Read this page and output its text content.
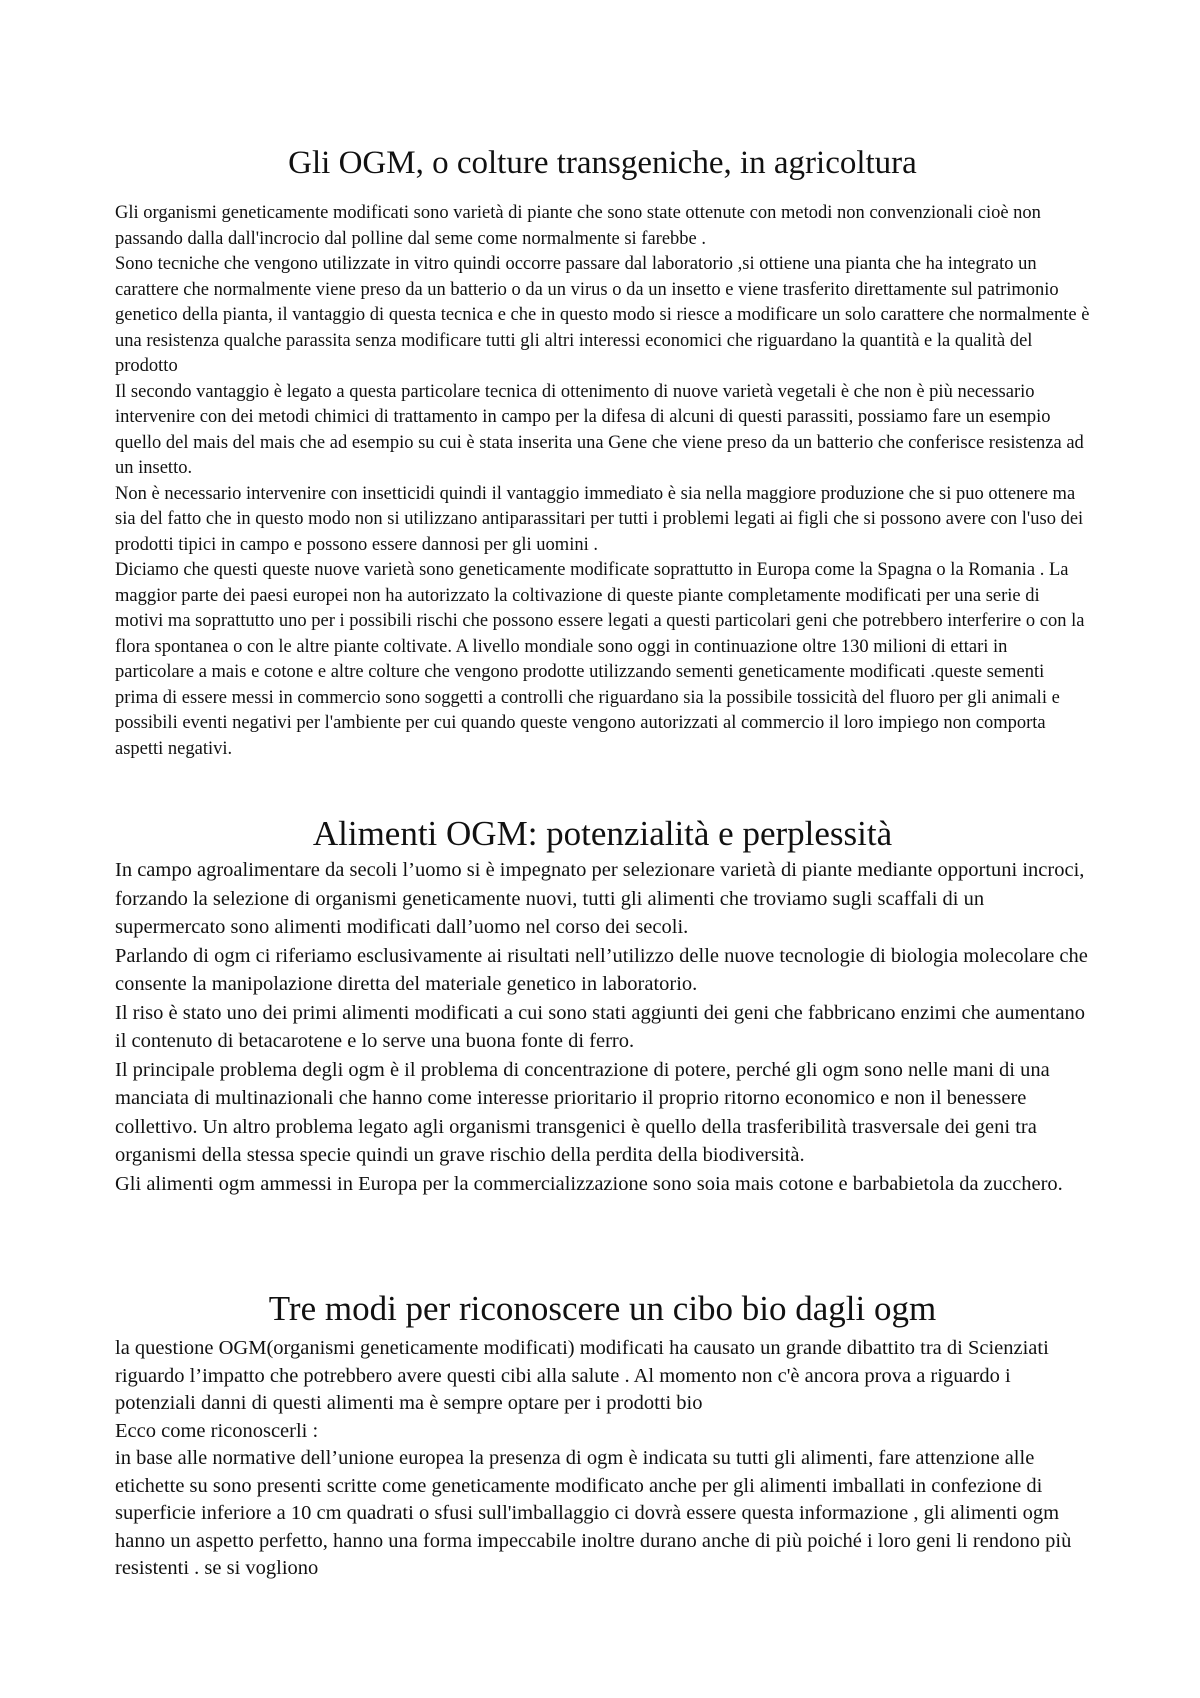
Gli OGM, o colture transgeniche, in agricoltura

Gli organismi geneticamente modificati sono varietà di piante che sono state ottenute con metodi non convenzionali cioè non passando dalla dall'incrocio dal polline dal seme come normalmente si farebbe .

Sono tecniche che vengono utilizzate in vitro quindi occorre passare dal laboratorio ,si ottiene una pianta che ha integrato un carattere che normalmente viene preso da un batterio o da un virus o da un insetto e viene trasferito direttamente sul patrimonio genetico della pianta, il vantaggio di questa tecnica e che in questo modo si riesce a modificare un solo carattere che normalmente è una resistenza qualche parassita senza modificare tutti gli altri interessi economici che riguardano la quantità e la qualità del prodotto

Il secondo vantaggio è legato a questa particolare tecnica di ottenimento di nuove varietà vegetali è che non è più necessario intervenire con dei metodi chimici di trattamento in campo per la difesa di alcuni di questi parassiti, possiamo fare un esempio quello del mais del mais che ad esempio su cui è stata inserita una Gene che viene preso da un batterio che conferisce resistenza ad un insetto.

Non è necessario intervenire con insetticidi quindi il vantaggio immediato è sia nella maggiore produzione che si puo ottenere ma sia del fatto che in questo modo non si utilizzano antiparassitari per tutti i problemi legati ai figli che si possono avere con l'uso dei prodotti tipici in campo e possono essere dannosi per gli uomini .

Diciamo che questi queste nuove varietà sono geneticamente modificate soprattutto in Europa come la Spagna o la Romania . La maggior parte dei paesi europei non ha autorizzato la coltivazione di queste piante completamente modificati per una serie di motivi ma soprattutto uno per i possibili rischi che possono essere legati a questi particolari geni che potrebbero interferire o con la flora spontanea o con le altre piante coltivate. A livello mondiale sono oggi in continuazione oltre 130 milioni di ettari in particolare a mais e cotone e altre colture che vengono prodotte utilizzando sementi geneticamente modificati .queste sementi prima di essere messi in commercio sono soggetti a controlli che riguardano sia la possibile tossicità del fluoro per gli animali e possibili eventi negativi per l'ambiente per cui quando queste vengono autorizzati al commercio il loro impiego non comporta aspetti negativi.

Alimenti OGM: potenzialità e perplessità

In campo agroalimentare da secoli l’uomo si è impegnato per selezionare varietà di piante mediante opportuni incroci, forzando la selezione di organismi geneticamente nuovi, tutti gli alimenti che troviamo sugli scaffali di un supermercato sono alimenti modificati dall’uomo nel corso dei secoli.

Parlando di ogm ci riferiamo esclusivamente ai risultati nell’utilizzo delle nuove tecnologie di biologia molecolare che consente la manipolazione diretta del materiale genetico in laboratorio.

Il riso è stato uno dei primi alimenti modificati a cui sono stati aggiunti dei geni che fabbricano enzimi che aumentano il contenuto di betacarotene e lo serve una buona fonte di ferro.

Il principale problema degli ogm è il problema di concentrazione di potere, perché gli ogm sono nelle mani di una manciata di multinazionali che hanno come interesse prioritario il proprio ritorno economico e non il benessere collettivo. Un altro problema legato agli organismi transgenici è quello della trasferibilità trasversale dei geni tra organismi della stessa specie quindi un grave rischio della perdita della biodiversità.

Gli alimenti ogm ammessi in Europa per la commercializzazione sono soia mais cotone e barbabietola da zucchero.

Tre modi per riconoscere un cibo bio dagli ogm

la questione OGM(organismi geneticamente modificati) modificati ha causato un grande dibattito tra di Scienziati riguardo l’impatto che potrebbero avere questi cibi alla salute . Al momento non c'è ancora prova a riguardo i potenziali danni di questi alimenti ma è sempre optare per i prodotti bio

Ecco come riconoscerli :

in base alle normative dell’unione europea la presenza di ogm è indicata su tutti gli alimenti, fare attenzione alle etichette su sono presenti scritte come geneticamente modificato anche per gli alimenti imballati in confezione di superficie inferiore a 10 cm quadrati o sfusi sull'imballaggio ci dovrà essere questa informazione , gli alimenti ogm hanno un aspetto perfetto, hanno una forma impeccabile inoltre durano anche di più poiché i loro geni li rendono più resistenti . se si vogliono
